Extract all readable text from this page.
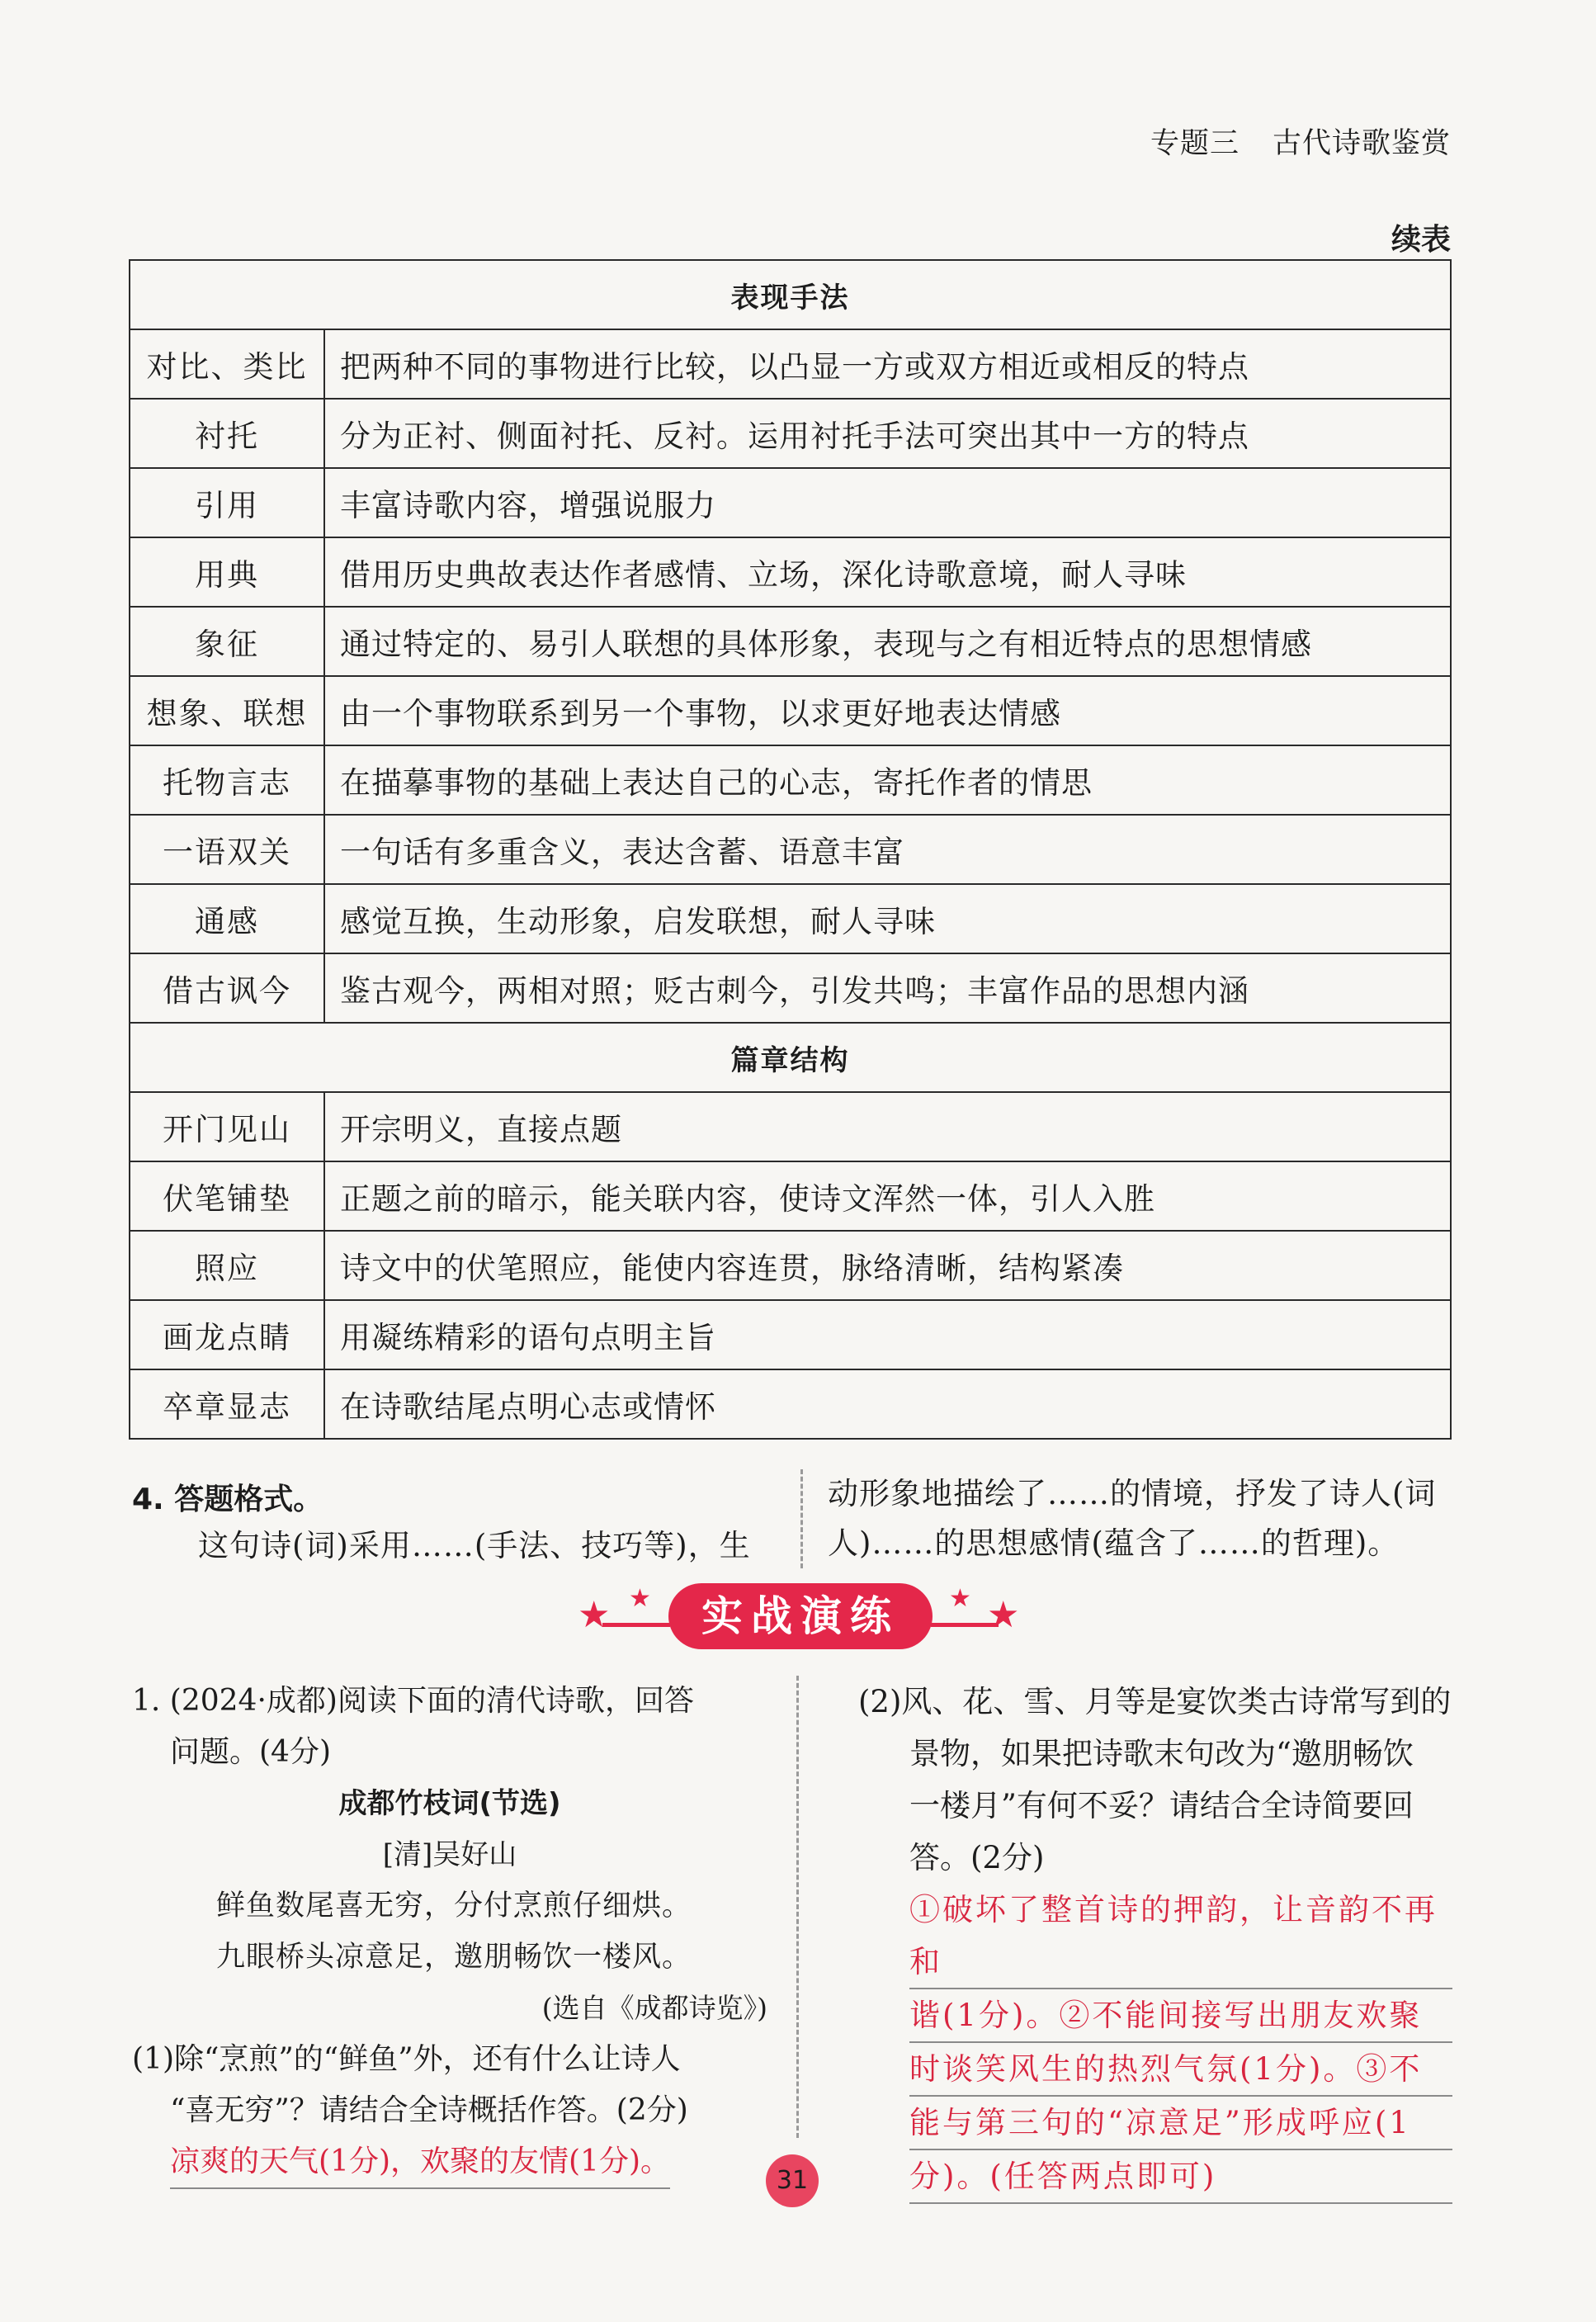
专题三 古代诗歌鉴赏
续表
表现手法	
对比、类比	把两种不同的事物进行比较，以凸显一方或双方相近或相反的特点
衬托	分为正衬、侧面衬托、反衬。运用衬托手法可突出其中一方的特点
引用	丰富诗歌内容，增强说服力
用典	借用历史典故表达作者感情、立场，深化诗歌意境，耐人寻味
象征	通过特定的、易引人联想的具体形象，表现与之有相近特点的思想情感
想象、联想	由一个事物联系到另一个事物，以求更好地表达情感
托物言志	在描摹事物的基础上表达自己的心志，寄托作者的情思
一语双关	一句话有多重含义，表达含蓄、语意丰富
通感	感觉互换，生动形象，启发联想，耐人寻味
借古讽今	鉴古观今，两相对照；贬古刺今，引发共鸣；丰富作品的思想内涵
篇章结构	
开门见山	开宗明义，直接点题
伏笔铺垫	正题之前的暗示，能关联内容，使诗文浑然一体，引人入胜
照应	诗文中的伏笔照应，能使内容连贯，脉络清晰，结构紧凑
画龙点睛	用凝练精彩的语句点明主旨
卒章显志	在诗歌结尾点明心志或情怀
4. 答题格式。
这句诗(词)采用……(手法、技巧等)，生
动形象地描绘了……的情境，抒发了诗人(词
人)……的思想感情(蕴含了……的哲理)。
★ ★	★ ★
实战演练
1. (2024·成都)阅读下面的清代诗歌，回答
问题。(4分)
成都竹枝词(节选)
[清]吴好山
鲜鱼数尾喜无穷，分付烹煎仔细烘。
九眼桥头凉意足，邀朋畅饮一楼风。
(选自《成都诗览》)
(1)除“烹煎”的“鲜鱼”外，还有什么让诗人
“喜无穷”？请结合全诗概括作答。(2分)
凉爽的天气(1分)，欢聚的友情(1分)。
(2)风、花、雪、月等是宴饮类古诗常写到的
景物，如果把诗歌末句改为“邀朋畅饮
一楼月”有何不妥？请结合全诗简要回
答。(2分)
①破坏了整首诗的押韵，让音韵不再和
谐(1分)。②不能间接写出朋友欢聚
时谈笑风生的热烈气氛(1分)。③不
能与第三句的“凉意足”形成呼应(1
分)。(任答两点即可)
31
